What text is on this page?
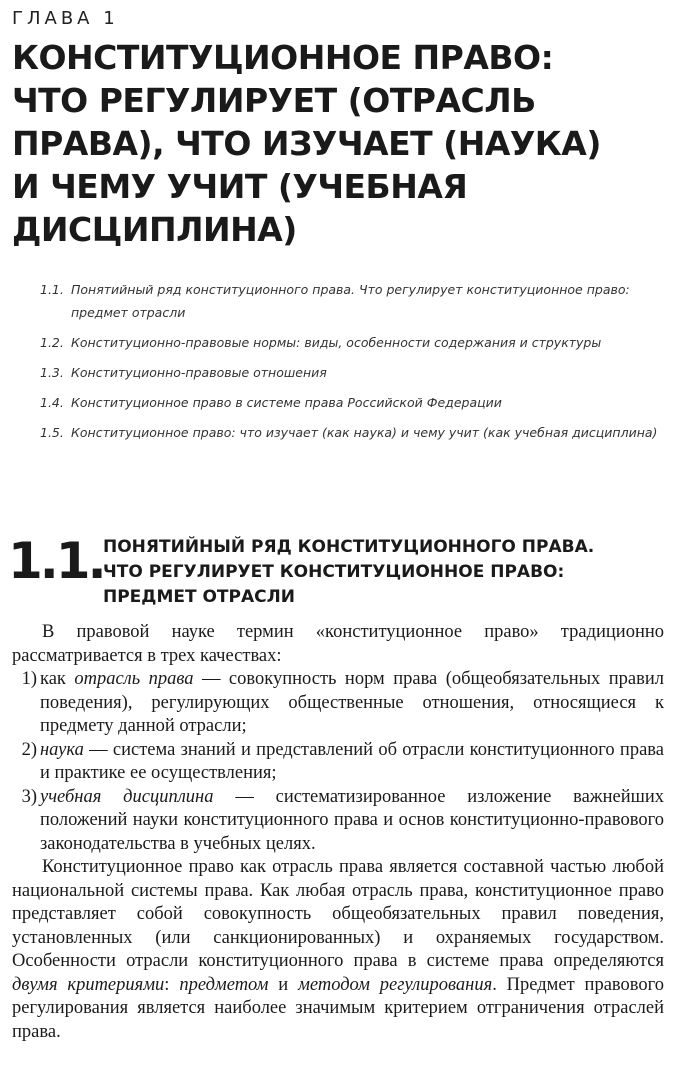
ГЛАВА 1
КОНСТИТУЦИОННОЕ ПРАВО:
ЧТО РЕГУЛИРУЕТ (ОТРАСЛЬ
ПРАВА), ЧТО ИЗУЧАЕТ (НАУКА)
И ЧЕМУ УЧИТ (УЧЕБНАЯ
ДИСЦИПЛИНА)
1.1. Понятийный ряд конституционного права. Что регулирует конституционное право: предмет отрасли
1.2. Конституционно-правовые нормы: виды, особенности содержания и структуры
1.3. Конституционно-правовые отношения
1.4. Конституционное право в системе права Российской Федерации
1.5. Конституционное право: что изучает (как наука) и чему учит (как учебная дисциплина)
1.1. ПОНЯТИЙНЫЙ РЯД КОНСТИТУЦИОННОГО ПРАВА.
ЧТО РЕГУЛИРУЕТ КОНСТИТУЦИОННОЕ ПРАВО:
ПРЕДМЕТ ОТРАСЛИ
В правовой науке термин «конституционное право» традиционно рассматривается в трех качествах:
1) как отрасль права — совокупность норм права (общеобязательных правил поведения), регулирующих общественные отношения, относящиеся к предмету данной отрасли;
2) наука — система знаний и представлений об отрасли конституционного права и практике ее осуществления;
3) учебная дисциплина — систематизированное изложение важнейших положений науки конституционного права и основ конституционно-правового законодательства в учебных целях.
Конституционное право как отрасль права является составной частью любой национальной системы права. Как любая отрасль права, конституционное право представляет собой совокупность общеобязательных правил поведения, установленных (или санкционированных) и охраняемых государством. Особенности отрасли конституционного права в системе права определяются двумя критериями: предметом и методом регулирования. Предмет правового регулирования является наиболее значимым критерием отграничения отраслей права.
